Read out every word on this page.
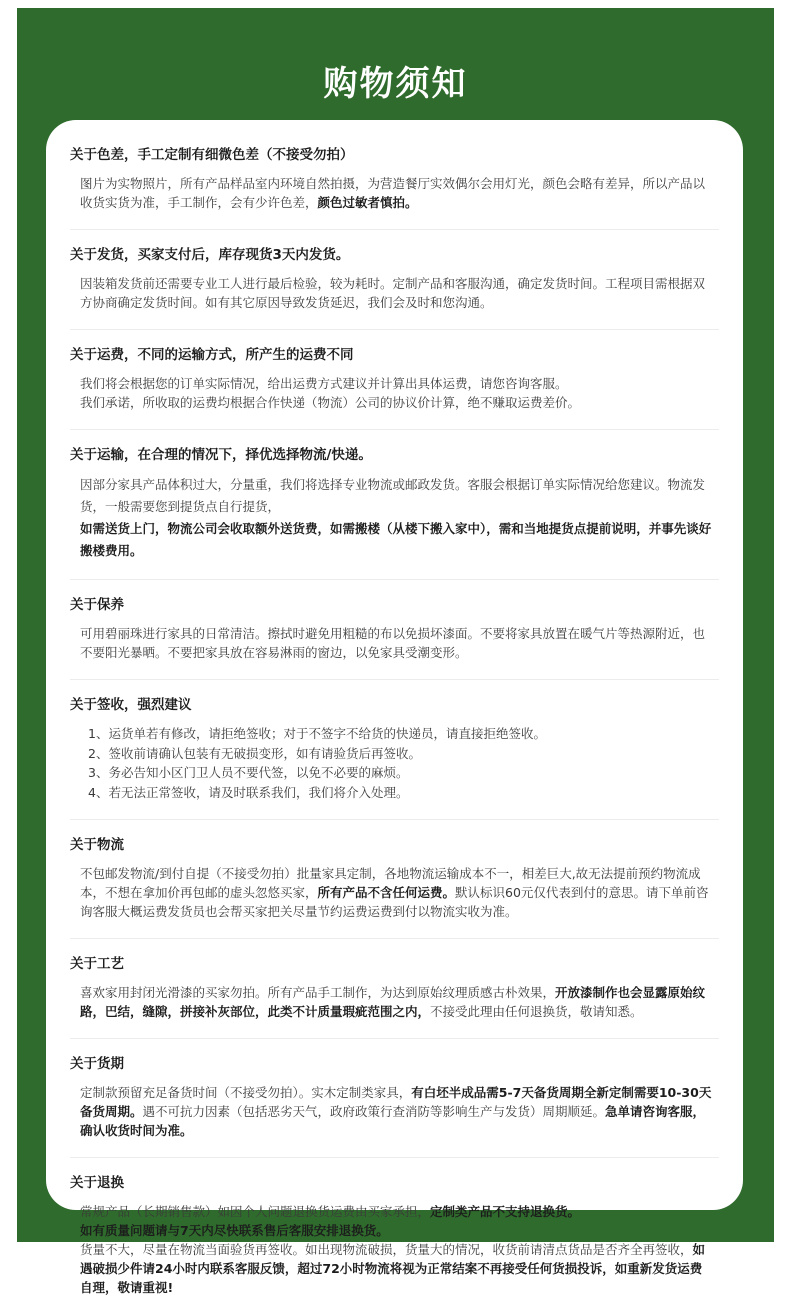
购物须知
关于色差，手工定制有细微色差（不接受勿拍）

图片为实物照片，所有产品样品室内环境自然拍摄，为营造餐厅实效偶尔会用灯光，颜色会略有差异，所以产品以收货实货为准，手工制作，会有少许色差，颜色过敏者慎拍。

关于发货，买家支付后，库存现货3天内发货。

因装箱发货前还需要专业工人进行最后检验，较为耗时。定制产品和客服沟通，确定发货时间。工程项目需根据双方协商确定发货时间。如有其它原因导致发货延迟，我们会及时和您沟通。

关于运费，不同的运输方式，所产生的运费不同

我们将会根据您的订单实际情况，给出运费方式建议并计算出具体运费，请您咨询客服。

我们承诺，所收取的运费均根据合作快递（物流）公司的协议价计算，绝不赚取运费差价。

关于运输，在合理的情况下，择优选择物流/快递。

因部分家具产品体积过大，分量重，我们将选择专业物流或邮政发货。客服会根据订单实际情况给您建议。物流发货，一般需要您到提货点自行提货，

如需送货上门，物流公司会收取额外送货费，如需搬楼（从楼下搬入家中），需和当地提货点提前说明，并事先谈好搬楼费用。

关于保养

可用碧丽珠进行家具的日常清洁。擦拭时避免用粗糙的布以免损坏漆面。不要将家具放置在暖气片等热源附近，也不要阳光暴晒。不要把家具放在容易淋雨的窗边，以免家具受潮变形。

关于签收，强烈建议
1、运货单若有修改，请拒绝签收；对于不签字不给货的快递员，请直接拒绝签收。
2、签收前请确认包装有无破损变形，如有请验货后再签收。
3、务必告知小区门卫人员不要代签，以免不必要的麻烦。
4、若无法正常签收，请及时联系我们，我们将介入处理。
关于物流

不包邮发物流/到付自提（不接受勿拍）批量家具定制，各地物流运输成本不一，相差巨大,故无法提前预约物流成本，不想在拿加价再包邮的虚头忽悠买家，所有产品不含任何运费。默认标识60元仅代表到付的意思。请下单前咨询客服大概运费发货员也会帮买家把关尽量节约运费运费到付以物流实收为准。

关于工艺

喜欢家用封闭光滑漆的买家勿拍。所有产品手工制作，为达到原始纹理质感古朴效果，开放漆制作也会显露原始纹路，巴结，缝隙，拼接补灰部位，此类不计质量瑕疵范围之内，不接受此理由任何退换货，敬请知悉。

关于货期

定制款预留充足备货时间（不接受勿拍）。实木定制类家具，有白坯半成品需5-7天备货周期全新定制需要10-30天备货周期。遇不可抗力因素（包括恶劣天气，政府政策行查消防等影响生产与发货）周期顺延。急单请咨询客服，确认收货时间为准。

关于退换

常规产品（长期销售款）如因个人问题退换货运费由买家承担，定制类产品不支持退换货。

如有质量问题请与7天内尽快联系售后客服安排退换货。

货量不大，尽量在物流当面验货再签收。如出现物流破损，货量大的情况，收货前请清点货品是否齐全再签收，如遇破损少件请24小时内联系客服反馈，超过72小时物流将视为正常结案不再接受任何货损投诉，如重新发货运费自理，敬请重视!
